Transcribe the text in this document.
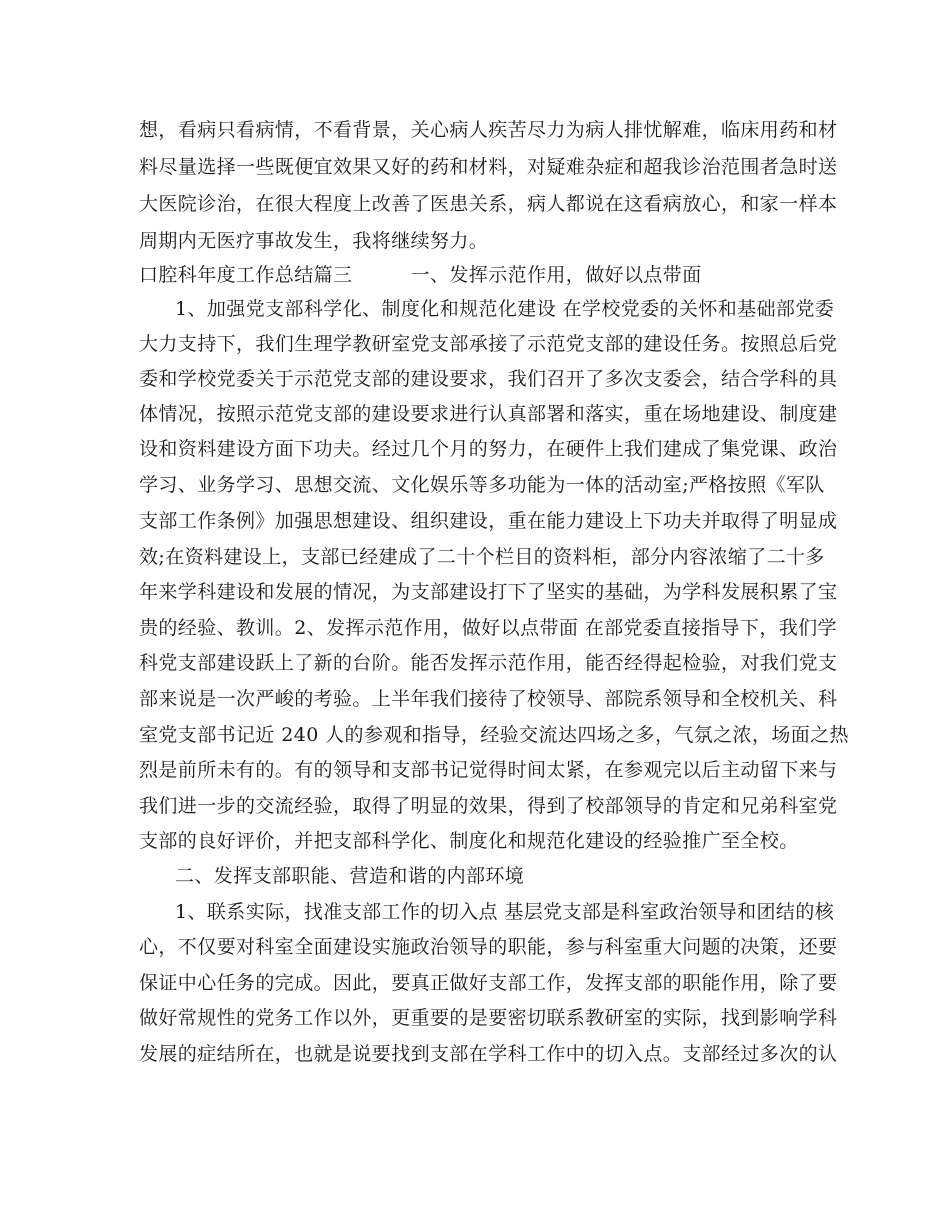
想，看病只看病情，不看背景，关心病人疾苦尽力为病人排忧解难，临床用药和材
料尽量选择一些既便宜效果又好的药和材料，对疑难杂症和超我诊治范围者急时送
大医院诊治，在很大程度上改善了医患关系，病人都说在这看病放心，和家一样本
周期内无医疗事故发生，我将继续努力。
口腔科年度工作总结篇三　　　一、发挥示范作用，做好以点带面
1、加强党支部科学化、制度化和规范化建设 在学校党委的关怀和基础部党委
大力支持下，我们生理学教研室党支部承接了示范党支部的建设任务。按照总后党
委和学校党委关于示范党支部的建设要求，我们召开了多次支委会，结合学科的具
体情况，按照示范党支部的建设要求进行认真部署和落实，重在场地建设、制度建
设和资料建设方面下功夫。经过几个月的努力，在硬件上我们建成了集党课、政治
学习、业务学习、思想交流、文化娱乐等多功能为一体的活动室;严格按照《军队
支部工作条例》加强思想建设、组织建设，重在能力建设上下功夫并取得了明显成
效;在资料建设上，支部已经建成了二十个栏目的资料柜，部分内容浓缩了二十多
年来学科建设和发展的情况，为支部建设打下了坚实的基础，为学科发展积累了宝
贵的经验、教训。2、发挥示范作用，做好以点带面 在部党委直接指导下，我们学
科党支部建设跃上了新的台阶。能否发挥示范作用，能否经得起检验，对我们党支
部来说是一次严峻的考验。上半年我们接待了校领导、部院系领导和全校机关、科
室党支部书记近 240 人的参观和指导，经验交流达四场之多，气氛之浓，场面之热
烈是前所未有的。有的领导和支部书记觉得时间太紧，在参观完以后主动留下来与
我们进一步的交流经验，取得了明显的效果，得到了校部领导的肯定和兄弟科室党
支部的良好评价，并把支部科学化、制度化和规范化建设的经验推广至全校。
二、发挥支部职能、营造和谐的内部环境
1、联系实际，找准支部工作的切入点 基层党支部是科室政治领导和团结的核
心，不仅要对科室全面建设实施政治领导的职能，参与科室重大问题的决策，还要
保证中心任务的完成。因此，要真正做好支部工作，发挥支部的职能作用，除了要
做好常规性的党务工作以外，更重要的是要密切联系教研室的实际，找到影响学科
发展的症结所在，也就是说要找到支部在学科工作中的切入点。支部经过多次的认
